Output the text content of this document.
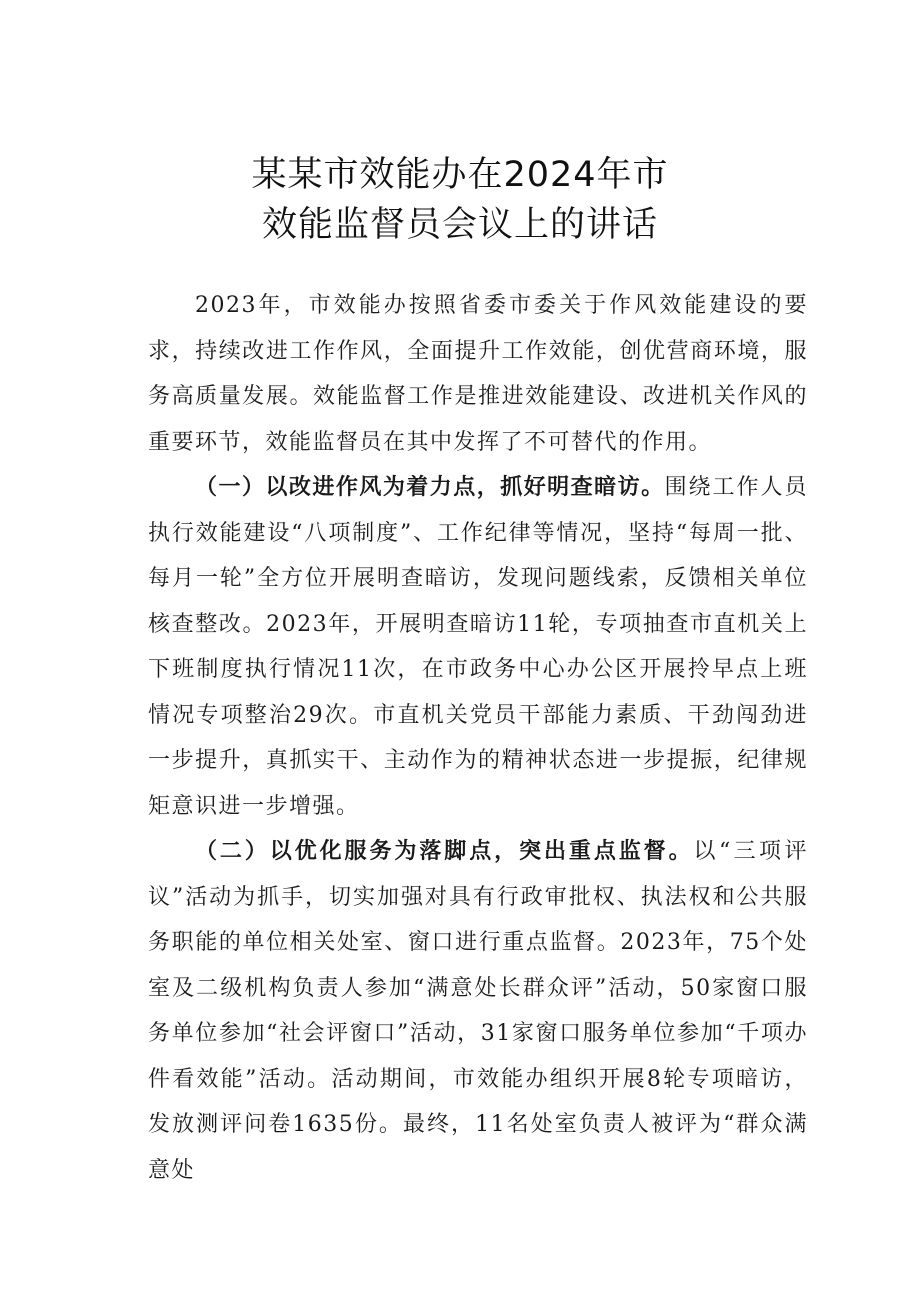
某某市效能办在2024年市
效能监督员会议上的讲话

2023年，市效能办按照省委市委关于作风效能建设的要求，持续改进工作作风，全面提升工作效能，创优营商环境，服务高质量发展。效能监督工作是推进效能建设、改进机关作风的重要环节，效能监督员在其中发挥了不可替代的作用。

（一）以改进作风为着力点，抓好明查暗访。围绕工作人员执行效能建设“八项制度”、工作纪律等情况，坚持“每周一批、每月一轮”全方位开展明查暗访，发现问题线索，反馈相关单位核查整改。2023年，开展明查暗访11轮，专项抽查市直机关上下班制度执行情况11次，在市政务中心办公区开展拎早点上班情况专项整治29次。市直机关党员干部能力素质、干劲闯劲进一步提升，真抓实干、主动作为的精神状态进一步提振，纪律规矩意识进一步增强。

（二）以优化服务为落脚点，突出重点监督。以“三项评议”活动为抓手，切实加强对具有行政审批权、执法权和公共服务职能的单位相关处室、窗口进行重点监督。2023年，75个处室及二级机构负责人参加“满意处长群众评”活动，50家窗口服务单位参加“社会评窗口”活动，31家窗口服务单位参加“千项办件看效能”活动。活动期间，市效能办组织开展8轮专项暗访，发放测评问卷1635份。最终，11名处室负责人被评为“群众满意处
